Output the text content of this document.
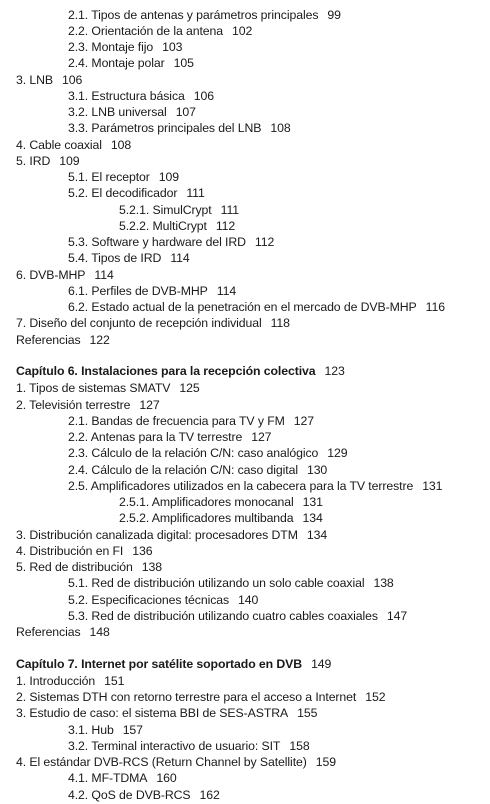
2.1. Tipos de antenas y parámetros principales 99
2.2. Orientación de la antena 102
2.3. Montaje fijo 103
2.4. Montaje polar 105
3. LNB 106
3.1. Estructura básica 106
3.2. LNB universal 107
3.3. Parámetros principales del LNB 108
4. Cable coaxial 108
5. IRD 109
5.1. El receptor 109
5.2. El decodificador 111
5.2.1. SimulCrypt 111
5.2.2. MultiCrypt 112
5.3. Software y hardware del IRD 112
5.4. Tipos de IRD 114
6. DVB-MHP 114
6.1. Perfiles de DVB-MHP 114
6.2. Estado actual de la penetración en el mercado de DVB-MHP 116
7. Diseño del conjunto de recepción individual 118
Referencias 122
Capítulo 6. Instalaciones para la recepción colectiva 123
1. Tipos de sistemas SMATV 125
2. Televisión terrestre 127
2.1. Bandas de frecuencia para TV y FM 127
2.2. Antenas para la TV terrestre 127
2.3. Cálculo de la relación C/N: caso analógico 129
2.4. Cálculo de la relación C/N: caso digital 130
2.5. Amplificadores utilizados en la cabecera para la TV terrestre 131
2.5.1. Amplificadores monocanal 131
2.5.2. Amplificadores multibanda 134
3. Distribución canalizada digital: procesadores DTM 134
4. Distribución en FI 136
5. Red de distribución 138
5.1. Red de distribución utilizando un solo cable coaxial 138
5.2. Especificaciones técnicas 140
5.3. Red de distribución utilizando cuatro cables coaxiales 147
Referencias 148
Capítulo 7. Internet por satélite soportado en DVB 149
1. Introducción 151
2. Sistemas DTH con retorno terrestre para el acceso a Internet 152
3. Estudio de caso: el sistema BBI de SES-ASTRA 155
3.1. Hub 157
3.2. Terminal interactivo de usuario: SIT 158
4. El estándar DVB-RCS (Return Channel by Satellite) 159
4.1. MF-TDMA 160
4.2. QoS de DVB-RCS 162
